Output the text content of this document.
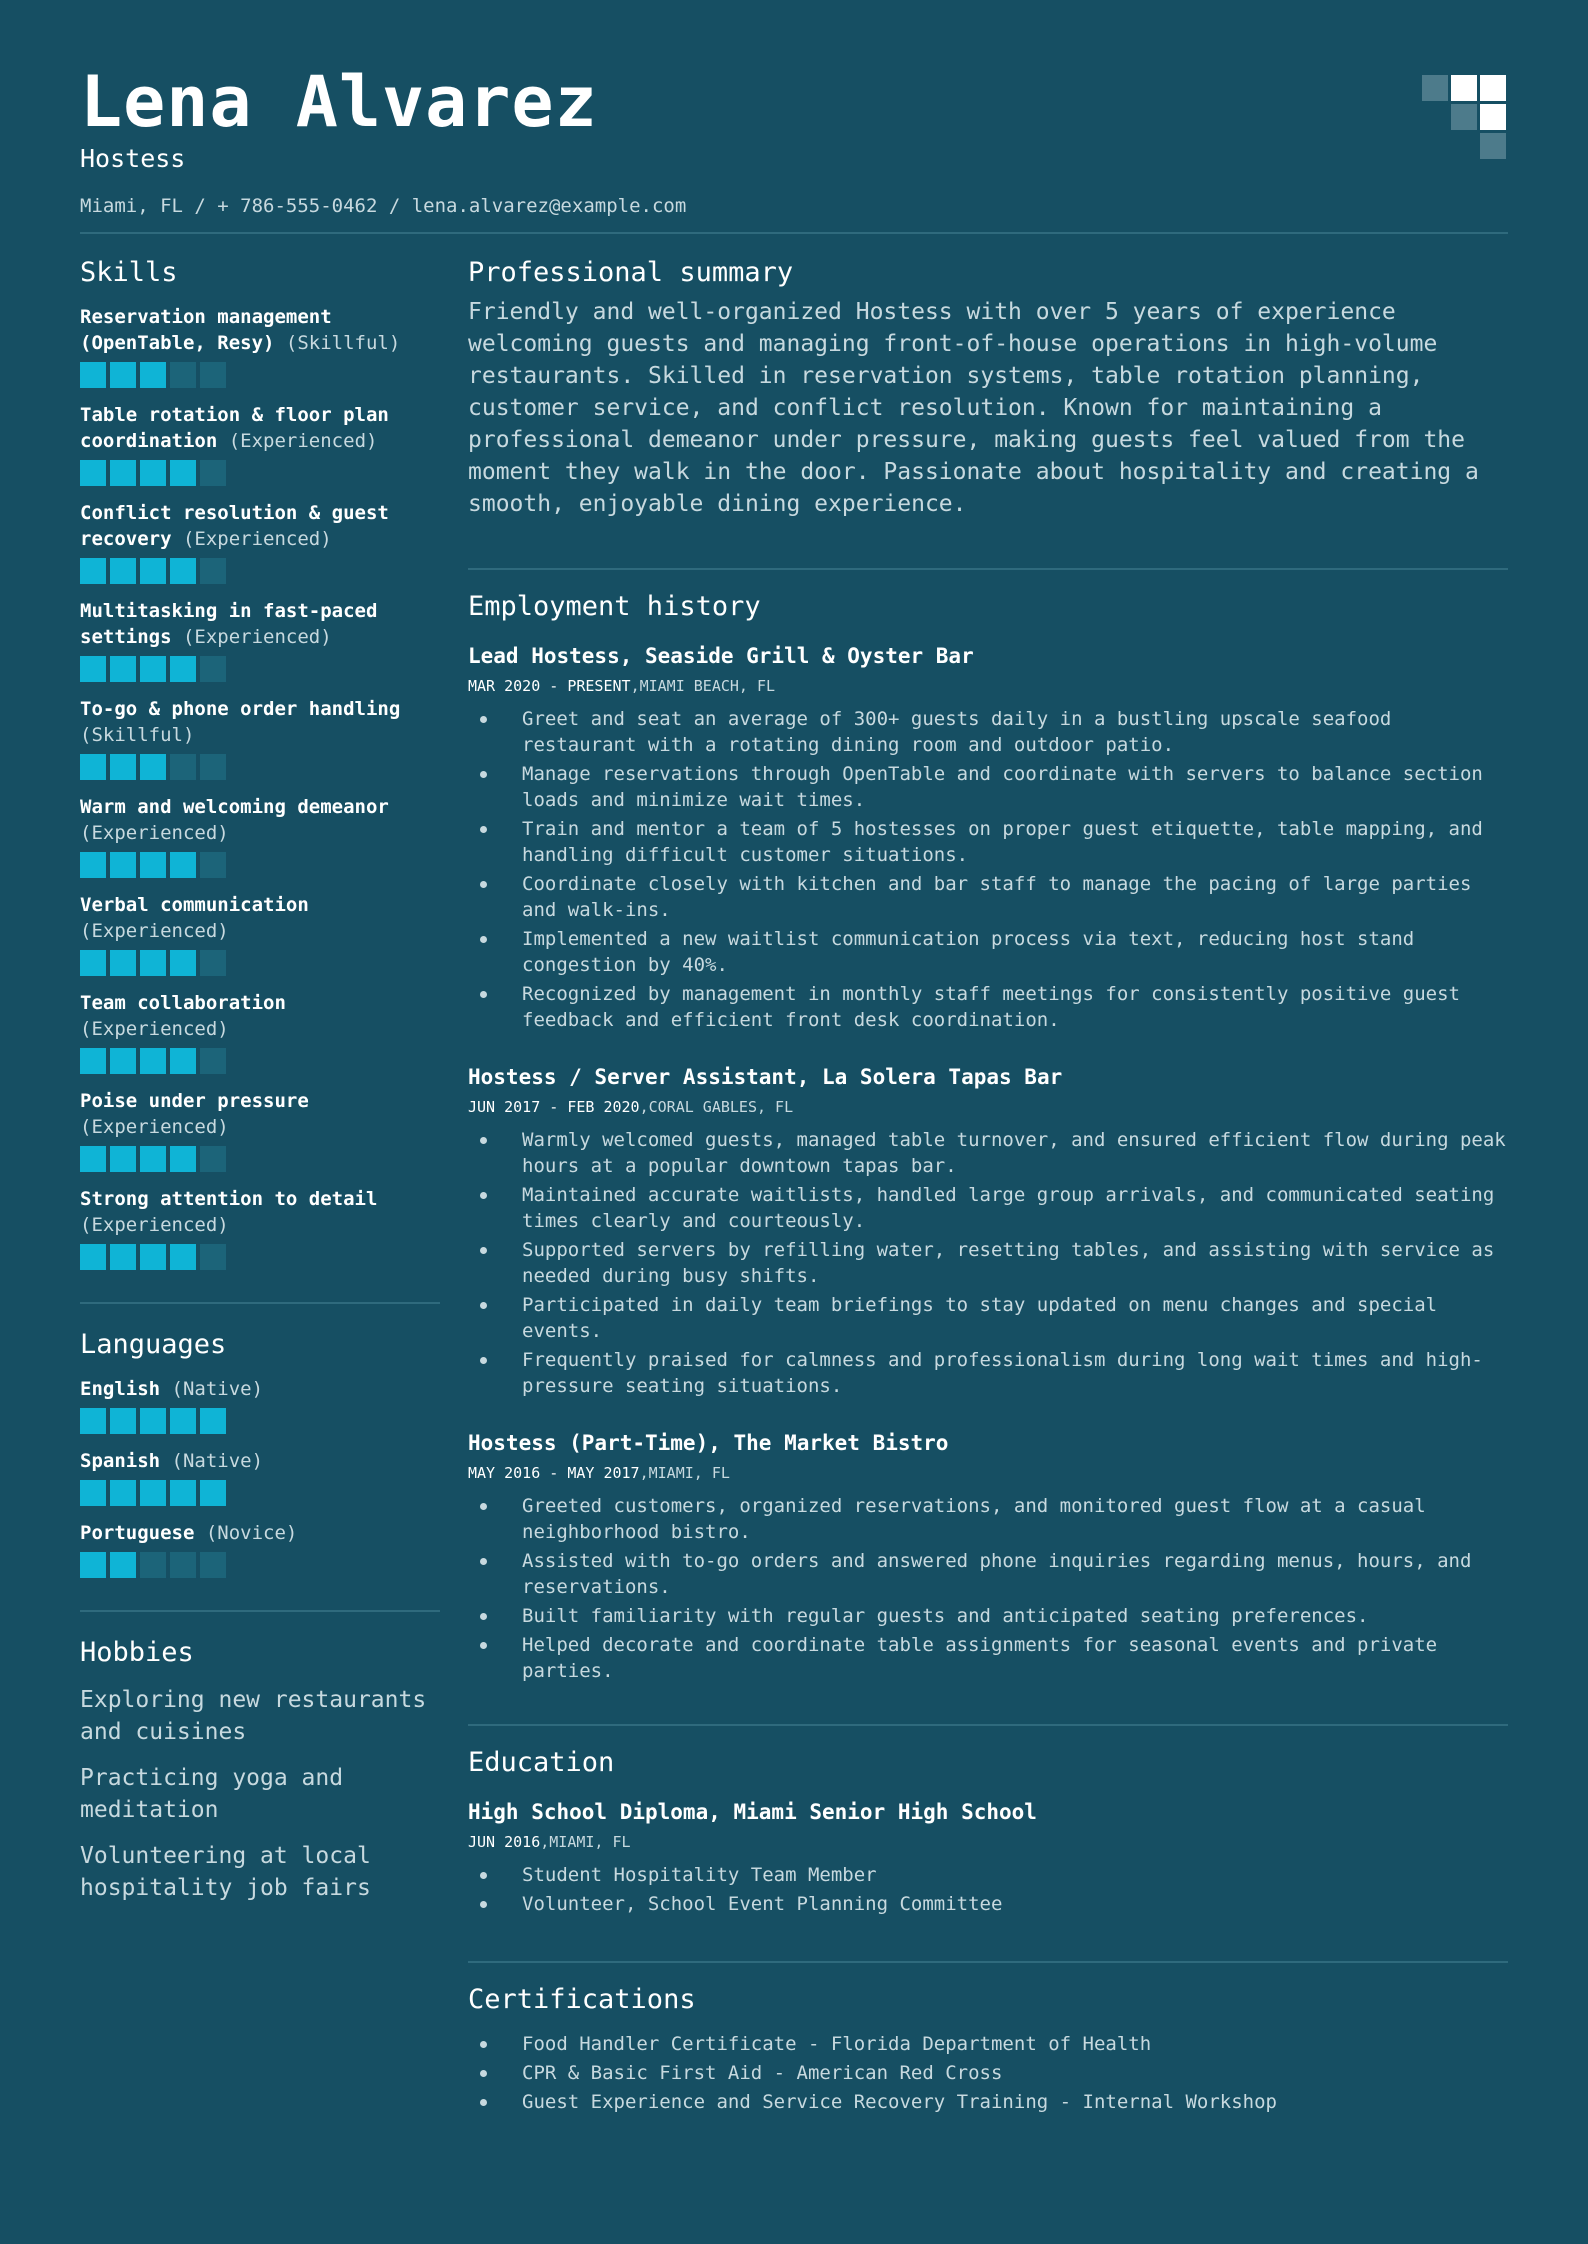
Lena Alvarez
Hostess
Miami, FL / + 786-555-0462 / lena.alvarez@example.com
Skills
Reservation management (OpenTable, Resy) (Skillful)
Table rotation & floor plan coordination (Experienced)
Conflict resolution & guest recovery (Experienced)
Multitasking in fast-paced settings (Experienced)
To-go & phone order handling (Skillful)
Warm and welcoming demeanor (Experienced)
Verbal communication (Experienced)
Team collaboration (Experienced)
Poise under pressure (Experienced)
Strong attention to detail (Experienced)
Languages
English (Native)
Spanish (Native)
Portuguese (Novice)
Hobbies
Exploring new restaurants and cuisines
Practicing yoga and meditation
Volunteering at local hospitality job fairs
Professional summary
Friendly and well-organized Hostess with over 5 years of experience welcoming guests and managing front-of-house operations in high-volume restaurants. Skilled in reservation systems, table rotation planning, customer service, and conflict resolution. Known for maintaining a professional demeanor under pressure, making guests feel valued from the moment they walk in the door. Passionate about hospitality and creating a smooth, enjoyable dining experience.
Employment history
Lead Hostess, Seaside Grill & Oyster Bar
MAR 2020 - PRESENT,MIAMI BEACH, FL
Greet and seat an average of 300+ guests daily in a bustling upscale seafood restaurant with a rotating dining room and outdoor patio.
Manage reservations through OpenTable and coordinate with servers to balance section loads and minimize wait times.
Train and mentor a team of 5 hostesses on proper guest etiquette, table mapping, and handling difficult customer situations.
Coordinate closely with kitchen and bar staff to manage the pacing of large parties and walk-ins.
Implemented a new waitlist communication process via text, reducing host stand congestion by 40%.
Recognized by management in monthly staff meetings for consistently positive guest feedback and efficient front desk coordination.
Hostess / Server Assistant, La Solera Tapas Bar
JUN 2017 - FEB 2020,CORAL GABLES, FL
Warmly welcomed guests, managed table turnover, and ensured efficient flow during peak hours at a popular downtown tapas bar.
Maintained accurate waitlists, handled large group arrivals, and communicated seating times clearly and courteously.
Supported servers by refilling water, resetting tables, and assisting with service as needed during busy shifts.
Participated in daily team briefings to stay updated on menu changes and special events.
Frequently praised for calmness and professionalism during long wait times and high-pressure seating situations.
Hostess (Part-Time), The Market Bistro
MAY 2016 - MAY 2017,MIAMI, FL
Greeted customers, organized reservations, and monitored guest flow at a casual neighborhood bistro.
Assisted with to-go orders and answered phone inquiries regarding menus, hours, and reservations.
Built familiarity with regular guests and anticipated seating preferences.
Helped decorate and coordinate table assignments for seasonal events and private parties.
Education
High School Diploma, Miami Senior High School
JUN 2016,MIAMI, FL
Student Hospitality Team Member
Volunteer, School Event Planning Committee
Certifications
Food Handler Certificate - Florida Department of Health
CPR & Basic First Aid - American Red Cross
Guest Experience and Service Recovery Training - Internal Workshop
